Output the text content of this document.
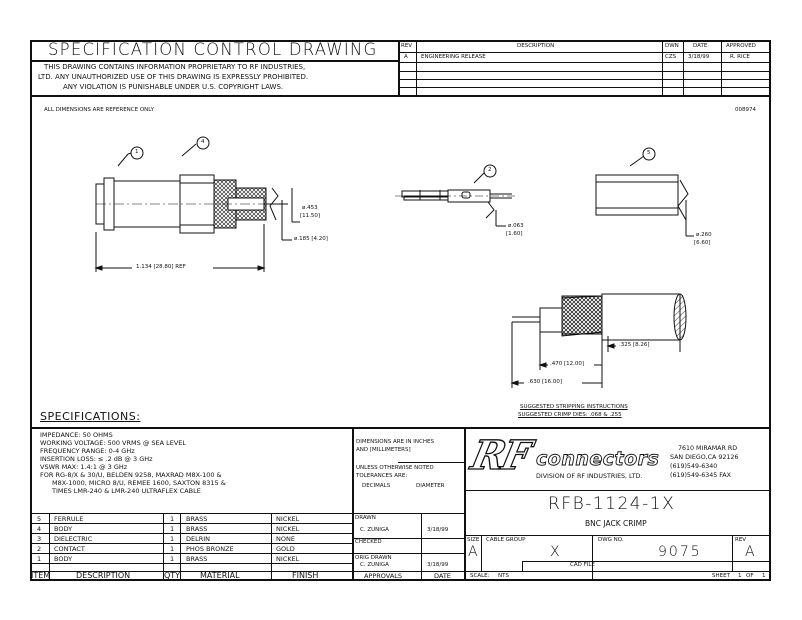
SPECIFICATION CONTROL DRAWING
THIS DRAWING CONTAINS INFORMATION PROPRIETARY TO RF INDUSTRIES,
LTD. ANY UNAUTHORIZED USE OF THIS DRAWING IS EXPRESSLY PROHIBITED.
ANY VIOLATION IS PUNISHABLE UNDER U.S. COPYRIGHT LAWS.
REV	DESCRIPTION	DWN	DATE	APPROVED
A ENGINEERING RELEASE	CZS 3/18/99	R. RICE
ALL DIMENSIONS ARE REFERENCE ONLY	008974
1
4
2
5
ø.453
[11.50]
ø.185 [4.20]
1.134 [28.80] REF
ø.063
[1.60]	ø.260
[6.60]
.325 [8.26]
.470 [12.00]
.630 [16.00]
SUGGESTED STRIPPING INSTRUCTIONS
SUGGESTED CRIMP DIES: .068 & .255
SPECIFICATIONS:
IMPEDANCE: 50 OHMS
WORKING VOLTAGE: 500 VRMS @ SEA LEVEL
FREQUENCY RANGE: 0-4 GHz
INSERTION LOSS: ≤ .2 dB @ 3 GHz
VSWR MAX: 1.4:1 @ 3 GHz
FOR RG-8/X & 30/U, BELDEN 9258, MAXRAD M8X-100 &
M8X-1000, MICRO 8/U, REMEE 1600, SAXTON 8315 &
TIMES LMR-240 & LMR-240 ULTRAFLEX CABLE
5 FERRULE	1 BRASS	NICKEL
4 BODY	1 BRASS	NICKEL
3 DIELECTRIC	1 DELRIN	NONE
2 CONTACT	1 PHOS BRONZE	GOLD
1 BODY	1 BRASS	NICKEL
ITEM	DESCRIPTION	QTY MATERIAL	FINISH
DIMENSIONS ARE IN INCHES
AND [MILLIMETERS]
UNLESS OTHERWISE NOTED
TOLERANCES ARE:
DECIMALS	DIAMETER
DRAWN
C. ZUNIGA	3/18/99
CHECKED
ORIG DRAWN
C. ZUNIGA	3/18/99
APPROVALS	DATE
RF connectors
DIVISION OF RF INDUSTRIES, LTD.
7610 MIRAMAR RD
SAN DIEGO,CA 92126
(619)549-6340
(619)549-6345 FAX
RFB-1124-1X
BNC JACK CRIMP
SIZE
A
CABLE GROUP
X
DWG NO.
9075
REV
A
CAD FILE
SCALE: NTS	SHEET 1 OF 1
